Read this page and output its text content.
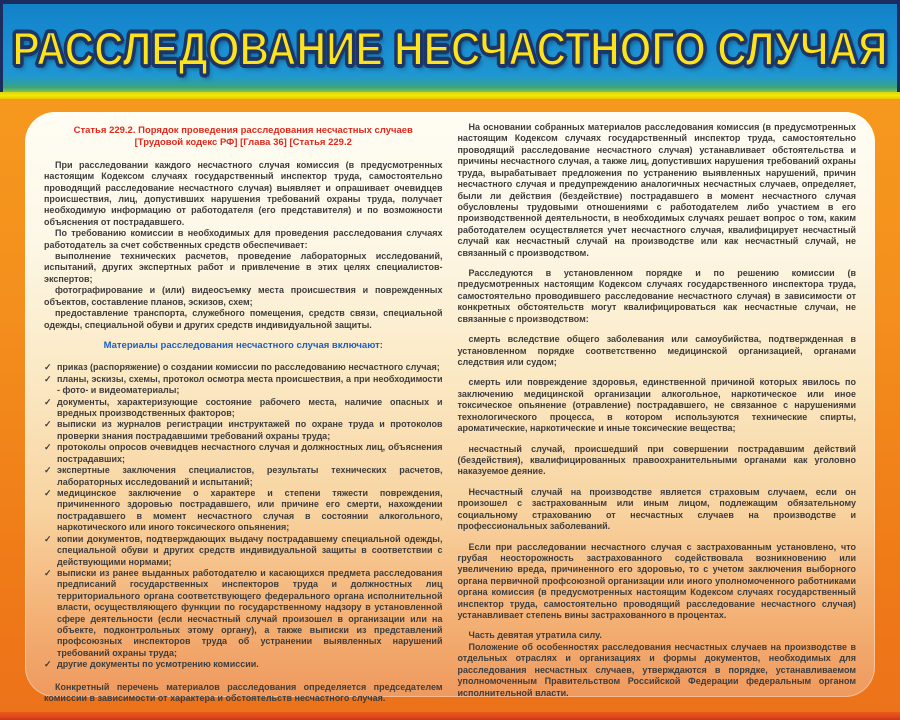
РАССЛЕДОВАНИЕ НЕСЧАСТНОГО СЛУЧАЯ
Статья 229.2. Порядок проведения расследования несчастных случаев
[Трудовой кодекс РФ] [Глава 36] [Статья 229.2
При расследовании каждого несчастного случая комиссия (в предусмотренных настоящим Кодексом случаях государственный инспектор труда, самостоятельно проводящий расследование несчастного случая) выявляет и опрашивает очевидцев происшествия, лиц, допустивших нарушения требований охраны труда, получает необходимую информацию от работодателя (его представителя) и по возможности объяснения от пострадавшего.
По требованию комиссии в необходимых для проведения расследования случаях работодатель за счет собственных средств обеспечивает:
выполнение технических расчетов, проведение лабораторных исследований, испытаний, других экспертных работ и привлечение в этих целях специалистов-экспертов;
фотографирование и (или) видеосъемку места происшествия и поврежденных объектов, составление планов, эскизов, схем;
предоставление транспорта, служебного помещения, средств связи, специальной одежды, специальной обуви и других средств индивидуальной защиты.
Материалы расследования несчастного случая включают:
✓ приказ (распоряжение) о создании комиссии по расследованию несчастного случая;
✓ планы, эскизы, схемы, протокол осмотра места происшествия, а при необходимости - фото- и видеоматериалы;
✓ документы, характеризующие состояние рабочего места, наличие опасных и вредных производственных факторов;
✓ выписки из журналов регистрации инструктажей по охране труда и протоколов проверки знания пострадавшими требований охраны труда;
✓ протоколы опросов очевидцев несчастного случая и должностных лиц, объяснения пострадавших;
✓ экспертные заключения специалистов, результаты технических расчетов, лабораторных исследований и испытаний;
✓ медицинское заключение о характере и степени тяжести повреждения, причиненного здоровью пострадавшего, или причине его смерти, нахождении пострадавшего в момент несчастного случая в состоянии алкогольного, наркотического или иного токсического опьянения;
✓ копии документов, подтверждающих выдачу пострадавшему специальной одежды, специальной обуви и других средств индивидуальной защиты в соответствии с действующими нормами;
✓ выписки из ранее выданных работодателю и касающихся предмета расследования предписаний государственных инспекторов труда и должностных лиц территориального органа соответствующего федерального органа исполнительной власти, осуществляющего функции по государственному надзору в установленной сфере деятельности (если несчастный случай произошел в организации или на объекте, подконтрольных этому органу), а также выписки из представлений профсоюзных инспекторов труда об устранении выявленных нарушений требований охраны труда;
✓ другие документы по усмотрению комиссии.
Конкретный перечень материалов расследования определяется председателем комиссии в зависимости от характера и обстоятельств несчастного случая.
На основании собранных материалов расследования комиссия (в предусмотренных настоящим Кодексом случаях государственный инспектор труда, самостоятельно проводящий расследование несчастного случая) устанавливает обстоятельства и причины несчастного случая, а также лиц, допустивших нарушения требований охраны труда, вырабатывает предложения по устранению выявленных нарушений, причин несчастного случая и предупреждению аналогичных несчастных случаев, определяет, были ли действия (бездействие) пострадавшего в момент несчастного случая обусловлены трудовыми отношениями с работодателем либо участием в его производственной деятельности, в необходимых случаях решает вопрос о том, каким работодателем осуществляется учет несчастного случая, квалифицирует несчастный случай как несчастный случай на производстве или как несчастный случай, не связанный с производством.
Расследуются в установленном порядке и по решению комиссии (в предусмотренных настоящим Кодексом случаях государственного инспектора труда, самостоятельно проводившего расследование несчастного случая) в зависимости от конкретных обстоятельств могут квалифицироваться как несчастные случаи, не связанные с производством:
смерть вследствие общего заболевания или самоубийства, подтвержденная в установленном порядке соответственно медицинской организацией, органами следствия или судом;
смерть или повреждение здоровья, единственной причиной которых явилось по заключению медицинской организации алкогольное, наркотическое или иное токсическое опьянение (отравление) пострадавшего, не связанное с нарушениями технологического процесса, в котором используются технические спирты, ароматические, наркотические и иные токсические вещества;
несчастный случай, происшедший при совершении пострадавшим действий (бездействия), квалифицированных правоохранительными органами как уголовно наказуемое деяние.
Несчастный случай на производстве является страховым случаем, если он произошел с застрахованным или иным лицом, подлежащим обязательному социальному страхованию от несчастных случаев на производстве и профессиональных заболеваний.
Если при расследовании несчастного случая с застрахованным установлено, что грубая неосторожность застрахованного содействовала возникновению или увеличению вреда, причиненного его здоровью, то с учетом заключения выборного органа первичной профсоюзной организации или иного уполномоченного работниками органа комиссия (в предусмотренных настоящим Кодексом случаях государственный инспектор труда, самостоятельно проводящий расследование несчастного случая) устанавливает степень вины застрахованного в процентах.
Часть девятая утратила силу.
Положение об особенностях расследования несчастных случаев на производстве в отдельных отраслях и организациях и формы документов, необходимых для расследования несчастных случаев, утверждаются в порядке, устанавливаемом уполномоченным Правительством Российской Федерации федеральным органом исполнительной власти.
